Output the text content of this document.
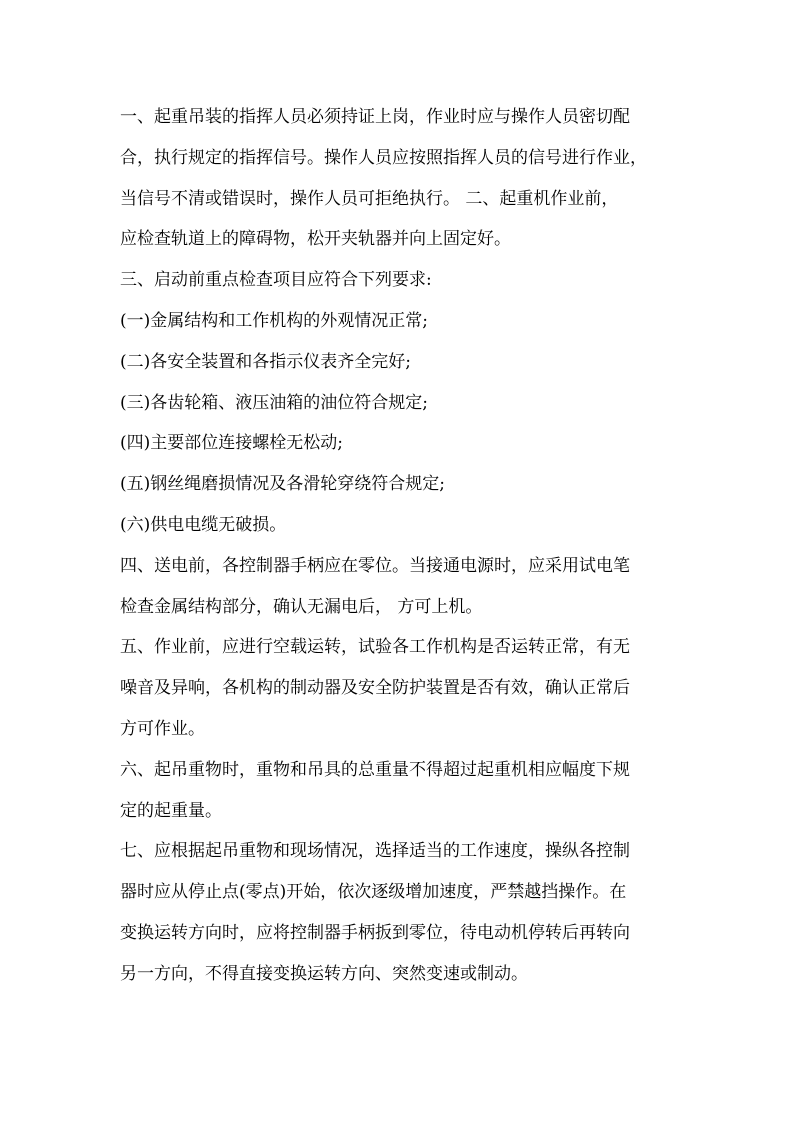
一、起重吊装的指挥人员必须持证上岗，作业时应与操作人员密切配
合，执行规定的指挥信号。操作人员应按照指挥人员的信号进行作业，
当信号不清或错误时，操作人员可拒绝执行。 二、起重机作业前，
应检查轨道上的障碍物，松开夹轨器并向上固定好。
三、启动前重点检查项目应符合下列要求:
(一)金属结构和工作机构的外观情况正常;
(二)各安全装置和各指示仪表齐全完好;
(三)各齿轮箱、液压油箱的油位符合规定;
(四)主要部位连接螺栓无松动;
(五)钢丝绳磨损情况及各滑轮穿绕符合规定;
(六)供电电缆无破损。
四、送电前，各控制器手柄应在零位。当接通电源时，应采用试电笔
检查金属结构部分，确认无漏电后， 方可上机。
五、作业前，应进行空载运转，试验各工作机构是否运转正常，有无
噪音及异响，各机构的制动器及安全防护装置是否有效，确认正常后
方可作业。
六、起吊重物时，重物和吊具的总重量不得超过起重机相应幅度下规
定的起重量。
七、应根据起吊重物和现场情况，选择适当的工作速度，操纵各控制
器时应从停止点(零点)开始，依次逐级增加速度，严禁越挡操作。在
变换运转方向时，应将控制器手柄扳到零位，待电动机停转后再转向
另一方向，不得直接变换运转方向、突然变速或制动。
